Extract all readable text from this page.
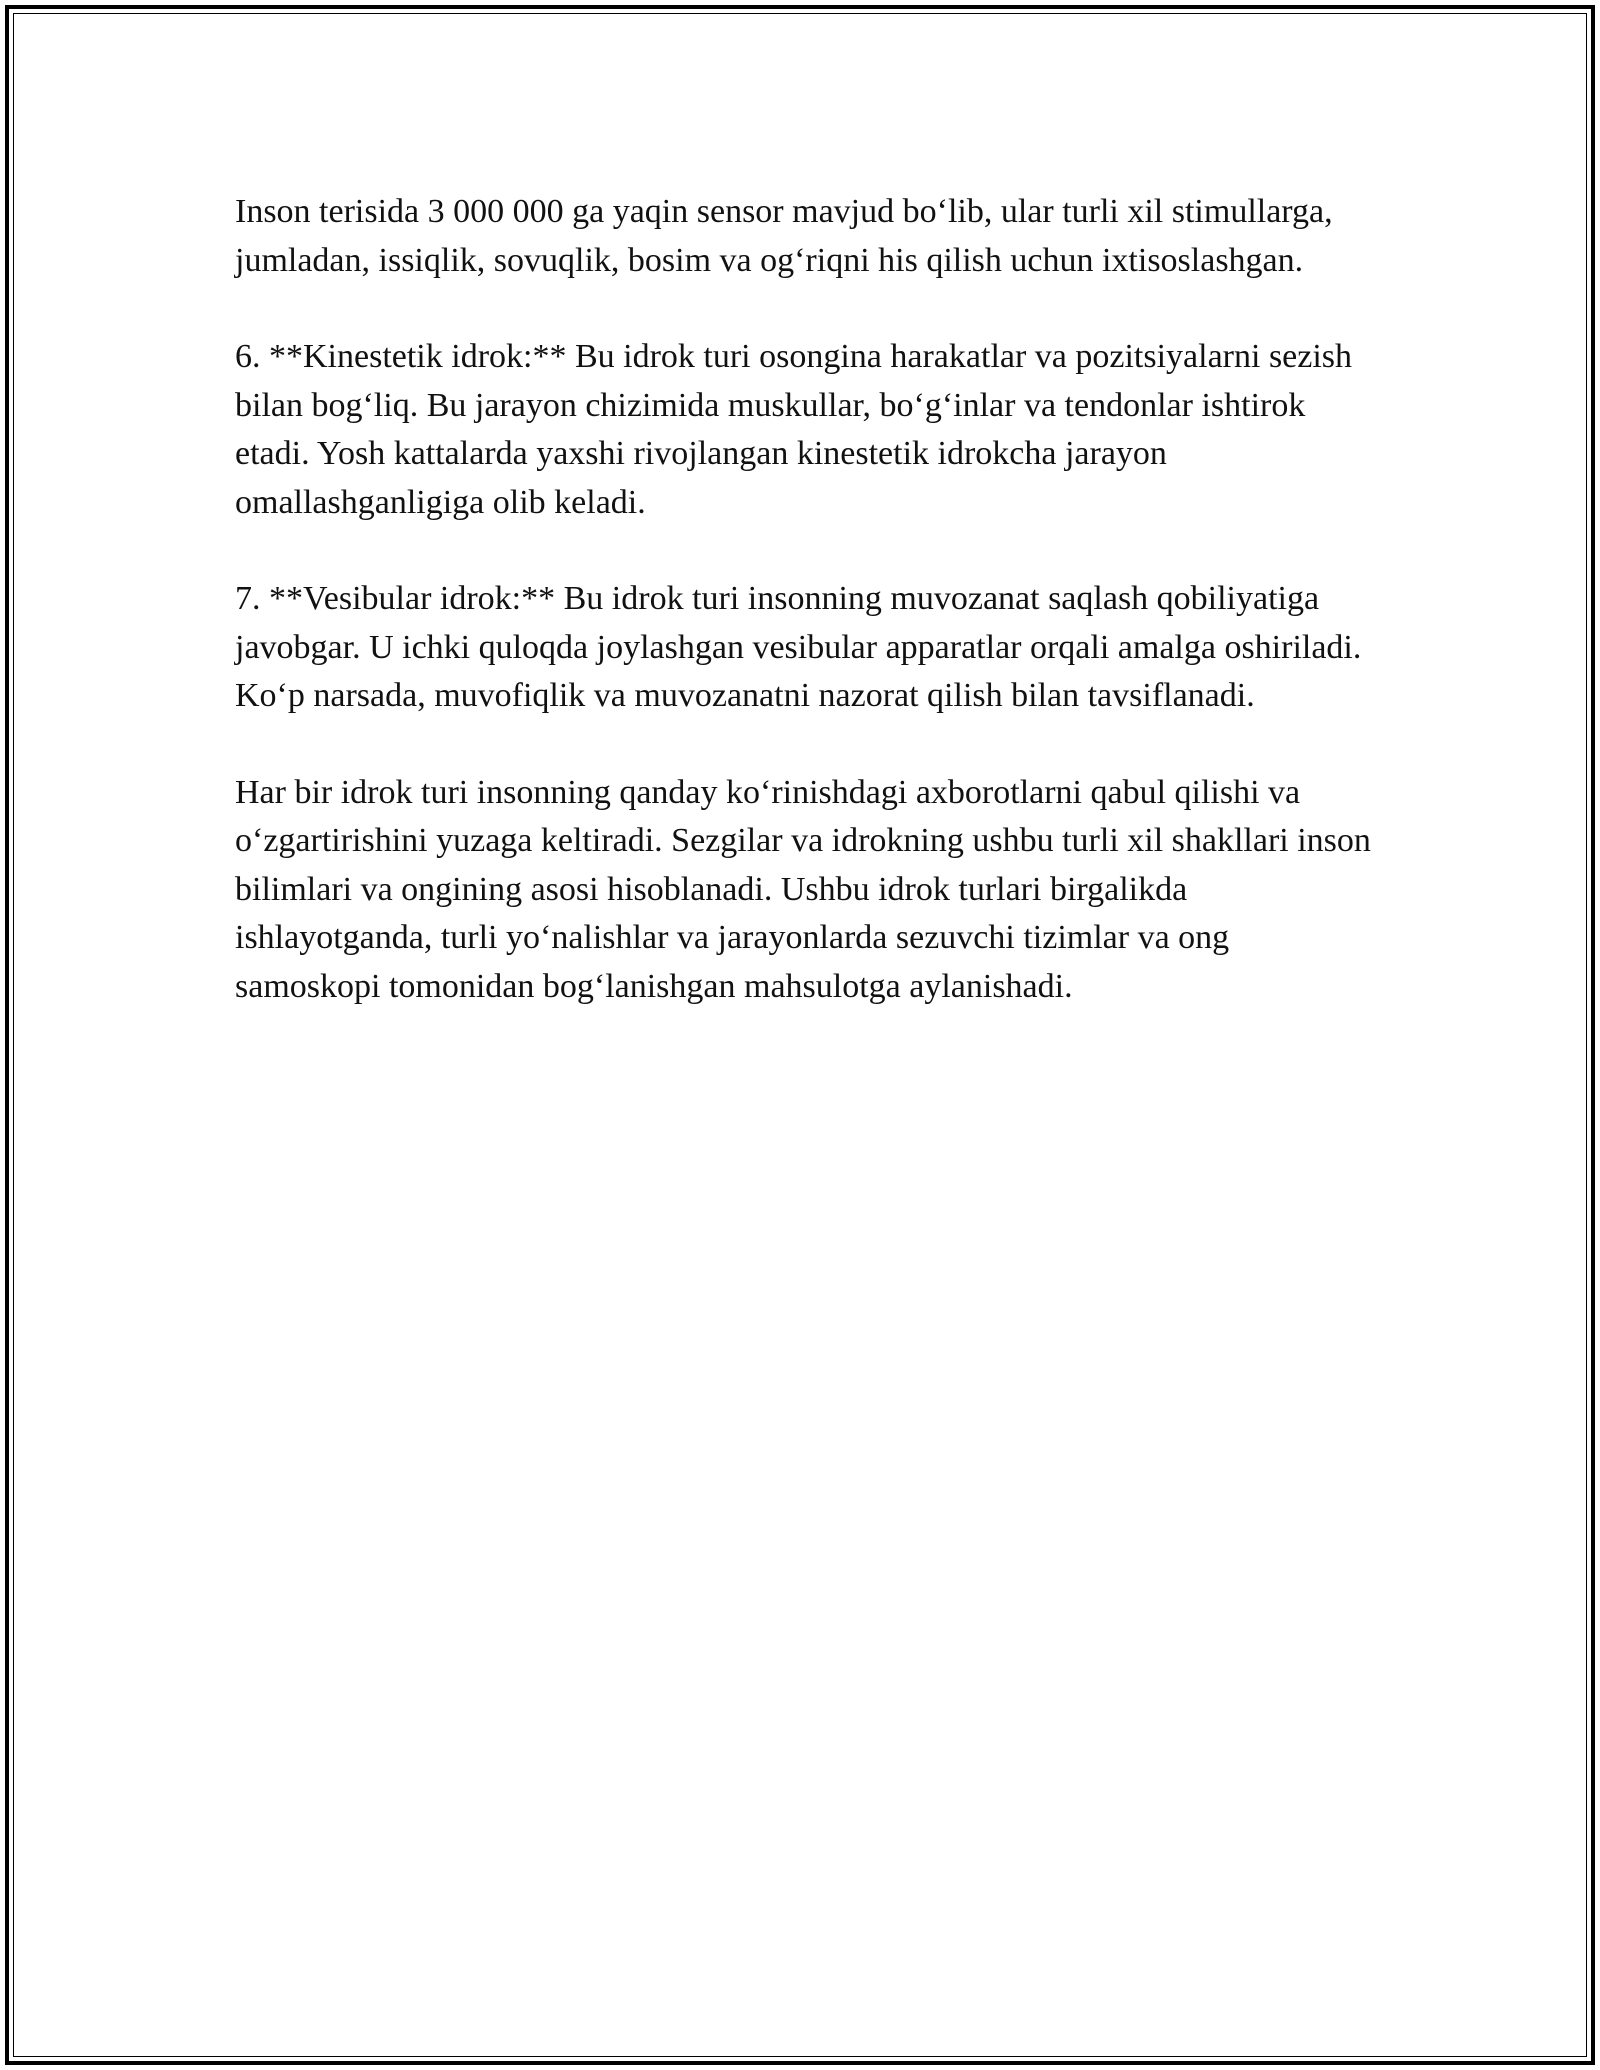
Inson terisida 3 000 000 ga yaqin sensor mavjud bo‘lib, ular turli xil stimullarga, jumladan, issiqlik, sovuqlik, bosim va og‘riqni his qilish uchun ixtisoslashgan.

6. **Kinestetik idrok:** Bu idrok turi osongina harakatlar va pozitsiyalarni sezish bilan bog‘liq. Bu jarayon chizimida muskullar, bo‘g‘inlar va tendonlar ishtirok etadi. Yosh kattalarda yaxshi rivojlangan kinestetik idrokcha jarayon omallashganligiga olib keladi.

7. **Vesibular idrok:** Bu idrok turi insonning muvozanat saqlash qobiliyatiga javobgar. U ichki quloqda joylashgan vesibular apparatlar orqali amalga oshiriladi. Ko‘p narsada, muvofiqlik va muvozanatni nazorat qilish bilan tavsiflanadi.

Har bir idrok turi insonning qanday ko‘rinishdagi axborotlarni qabul qilishi va o‘zgartirishini yuzaga keltiradi. Sezgilar va idrokning ushbu turli xil shakllari inson bilimlari va ongining asosi hisoblanadi. Ushbu idrok turlari birgalikda ishlayotganda, turli yo‘nalishlar va jarayonlarda sezuvchi tizimlar va ong samoskopi tomonidan bog‘lanishgan mahsulotga aylanishadi.
